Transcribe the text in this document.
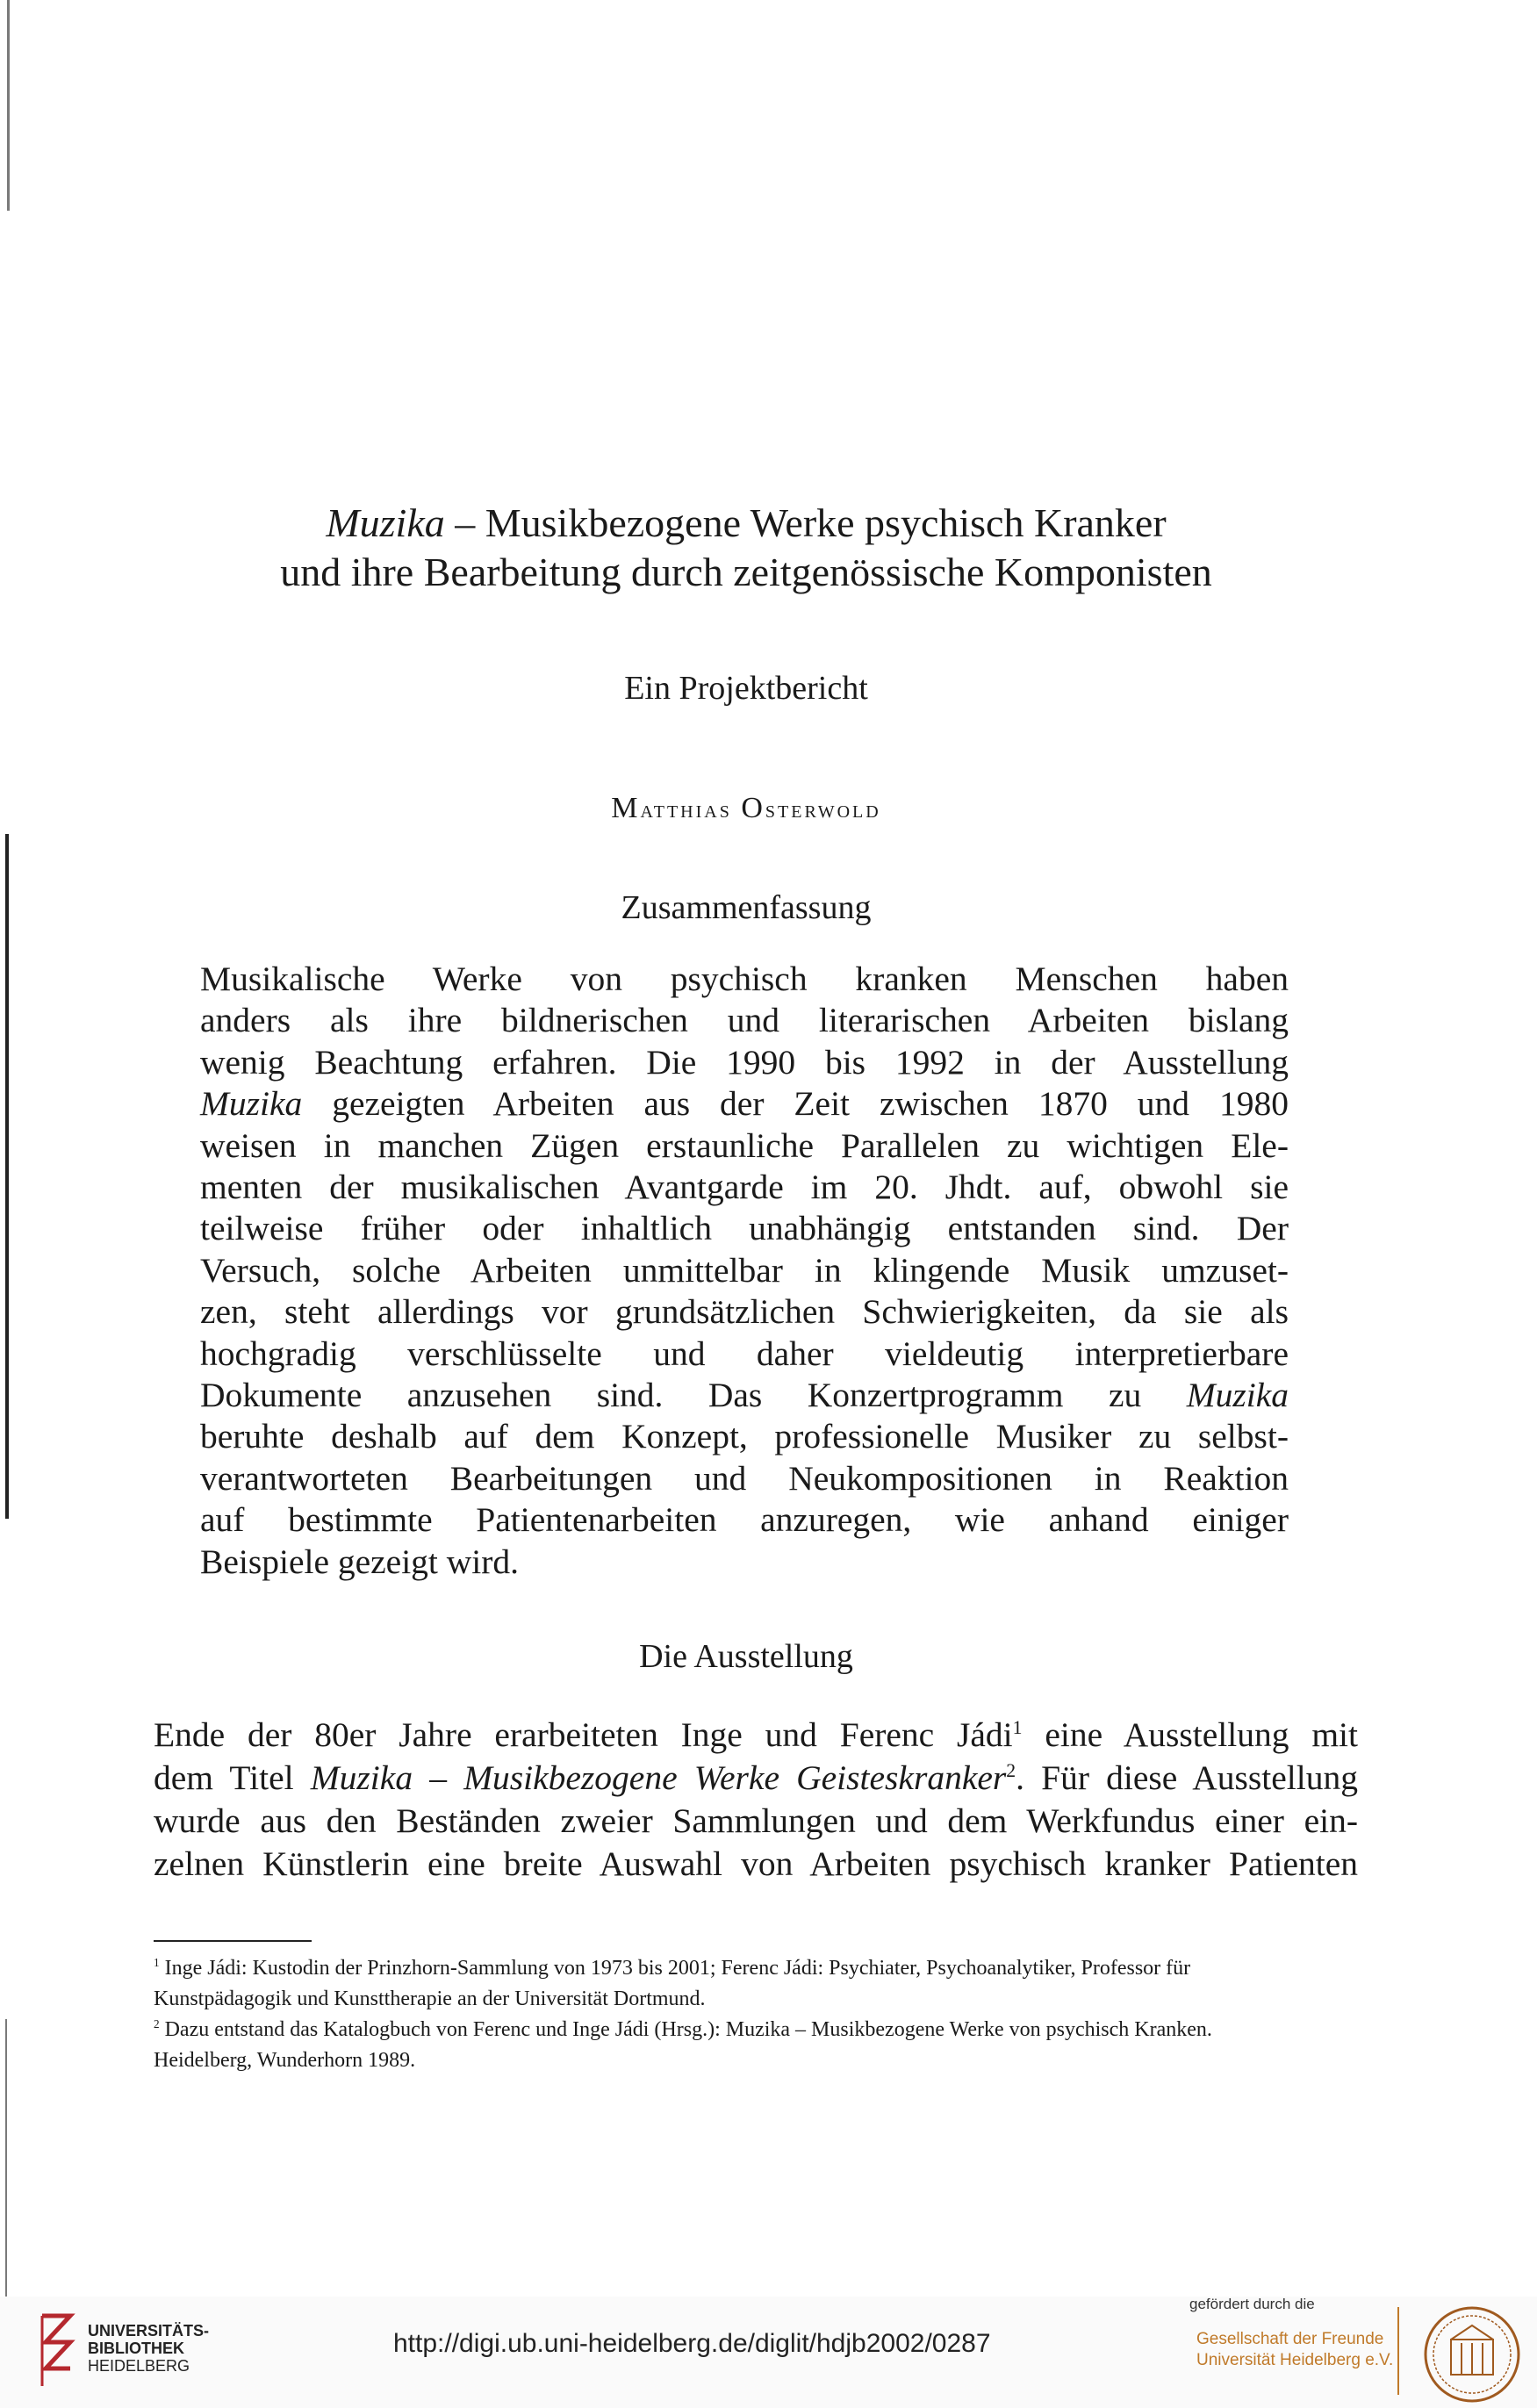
Muzika – Musikbezogene Werke psychisch Kranker

und ihre Bearbeitung durch zeitgenössische Komponisten

Ein Projektbericht
Matthias Osterwold
Zusammenfassung
Musikalische Werke von psychisch kranken Menschen haben
anders als ihre bildnerischen und literarischen Arbeiten bislang
wenig Beachtung erfahren. Die 1990 bis 1992 in der Ausstellung
Muzika gezeigten Arbeiten aus der Zeit zwischen 1870 und 1980
weisen in manchen Zügen erstaunliche Parallelen zu wichtigen Ele-
menten der musikalischen Avantgarde im 20. Jhdt. auf, obwohl sie
teilweise früher oder inhaltlich unabhängig entstanden sind. Der
Versuch, solche Arbeiten unmittelbar in klingende Musik umzuset-
zen, steht allerdings vor grundsätzlichen Schwierigkeiten, da sie als
hochgradig verschlüsselte und daher vieldeutig interpretierbare
Dokumente anzusehen sind. Das Konzertprogramm zu Muzika
beruhte deshalb auf dem Konzept, professionelle Musiker zu selbst-
verantworteten Bearbeitungen und Neukompositionen in Reaktion
auf bestimmte Patientenarbeiten anzuregen, wie anhand einiger
Beispiele gezeigt wird.
Die Ausstellung
Ende der 80er Jahre erarbeiteten Inge und Ferenc Jádi$^1$ eine Ausstellung mit
dem Titel Muzika – Musikbezogene Werke Geisteskranker$^2$. Für diese Ausstellung
wurde aus den Beständen zweier Sammlungen und dem Werkfundus einer ein-
zelnen Künstlerin eine breite Auswahl von Arbeiten psychisch kranker Patienten
$^1$ Inge Jádi: Kustodin der Prinzhorn-Sammlung von 1973 bis 2001; Ferenc Jádi: Psychiater, Psychoanalytiker, Professor für
Kunstpädagogik und Kunsttherapie an der Universität Dortmund.
$^2$ Dazu entstand das Katalogbuch von Ferenc und Inge Jádi (Hrsg.): Muzika – Musikbezogene Werke von psychisch Kranken.
Heidelberg, Wunderhorn 1989.
UNIVERSITÄTS-
BIBLIOTHEK
HEIDELBERG
http://digi.ub.uni-heidelberg.de/diglit/hdjb2002/0287
gefördert durch die
Gesellschaft der Freunde
Universität Heidelberg e.V.
